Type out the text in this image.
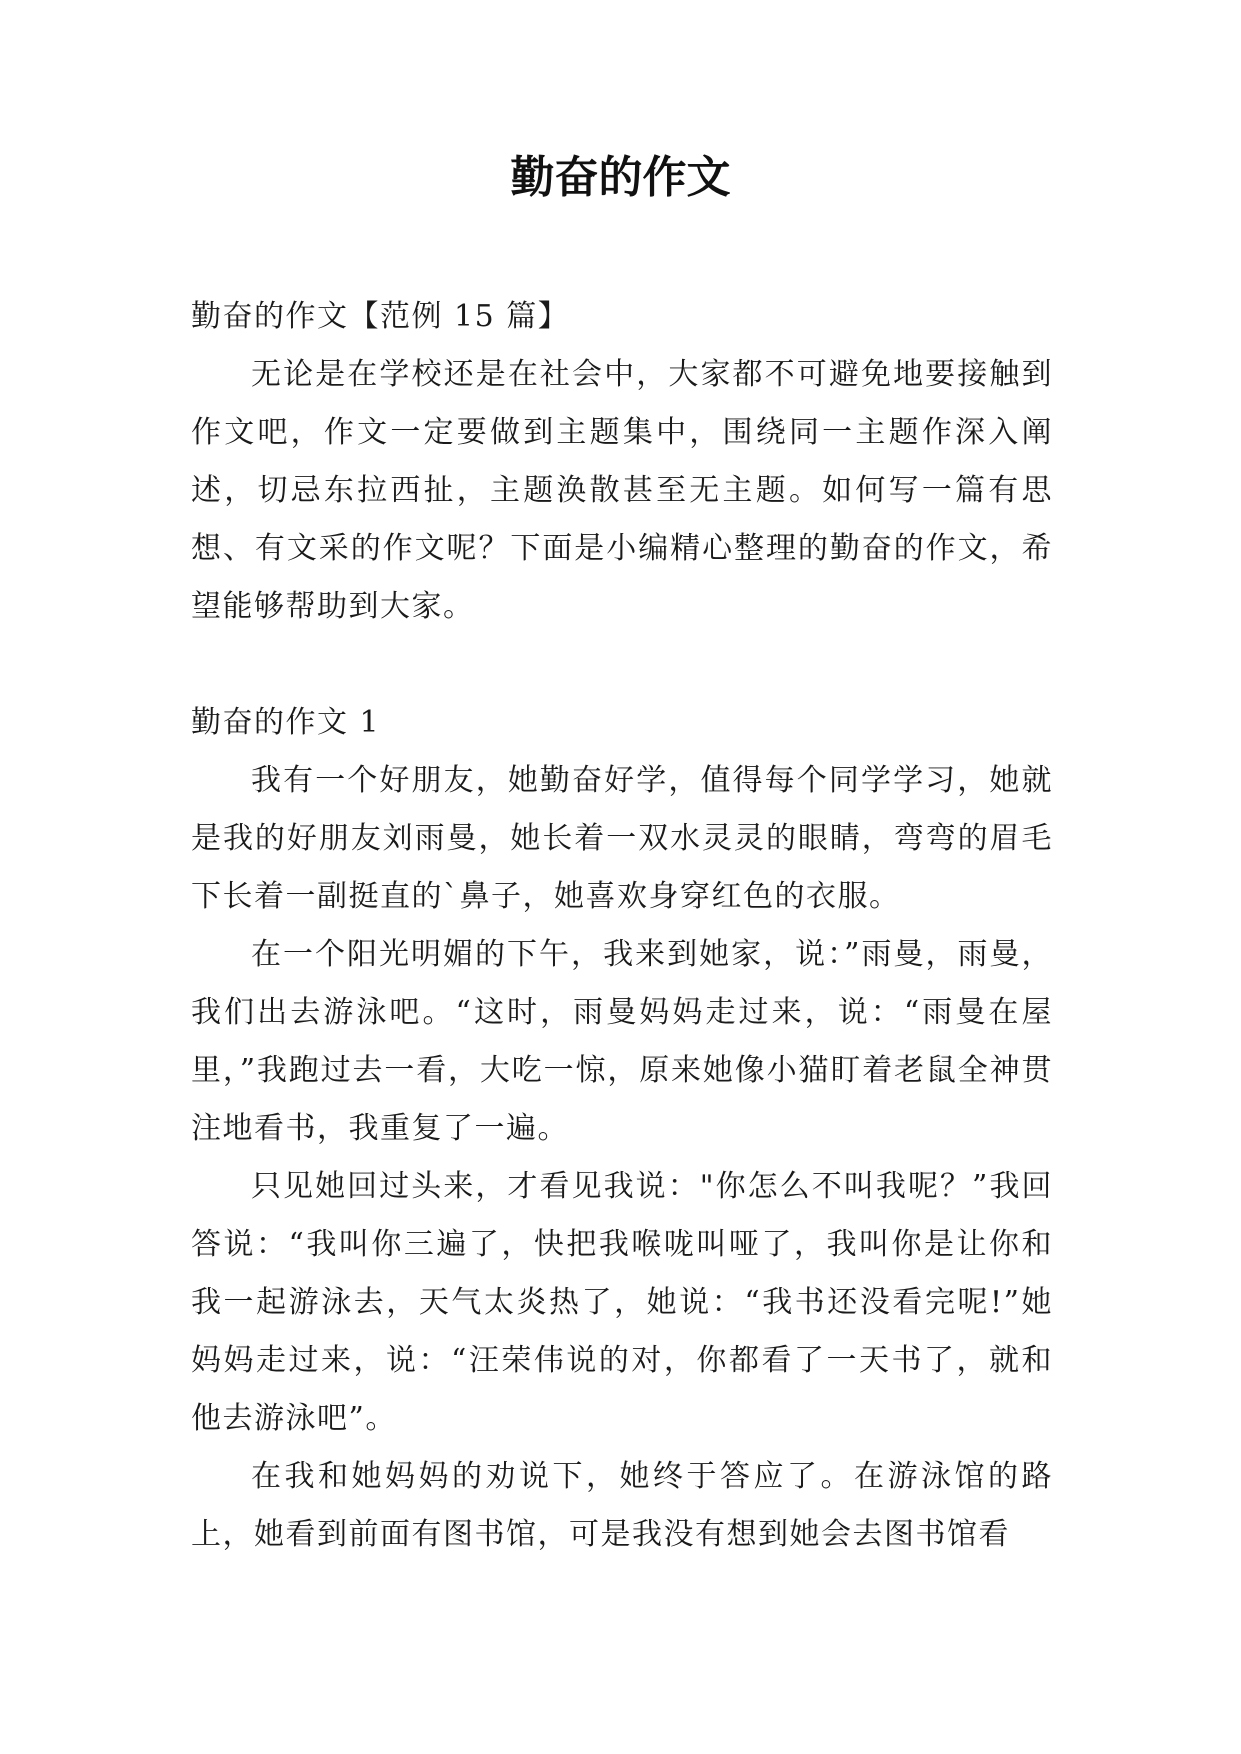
勤奋的作文

勤奋的作文【范例 15 篇】

无论是在学校还是在社会中，大家都不可避免地要接触到作文吧，作文一定要做到主题集中，围绕同一主题作深入阐述，切忌东拉西扯，主题涣散甚至无主题。如何写一篇有思想、有文采的作文呢？下面是小编精心整理的勤奋的作文，希望能够帮助到大家。

勤奋的作文 1

我有一个好朋友，她勤奋好学，值得每个同学学习，她就是我的好朋友刘雨曼，她长着一双水灵灵的眼睛，弯弯的眉毛下长着一副挺直的`鼻子，她喜欢身穿红色的衣服。

在一个阳光明媚的下午，我来到她家，说：”雨曼，雨曼，我们出去游泳吧。“这时，雨曼妈妈走过来，说：“雨曼在屋里，”我跑过去一看，大吃一惊，原来她像小猫盯着老鼠全神贯注地看书，我重复了一遍。

只见她回过头来，才看见我说："你怎么不叫我呢？”我回答说：“我叫你三遍了，快把我喉咙叫哑了，我叫你是让你和我一起游泳去，天气太炎热了，她说：“我书还没看完呢!”她妈妈走过来，说：“汪荣伟说的对，你都看了一天书了，就和他去游泳吧”。

在我和她妈妈的劝说下，她终于答应了。在游泳馆的路上，她看到前面有图书馆，可是我没有想到她会去图书馆看
